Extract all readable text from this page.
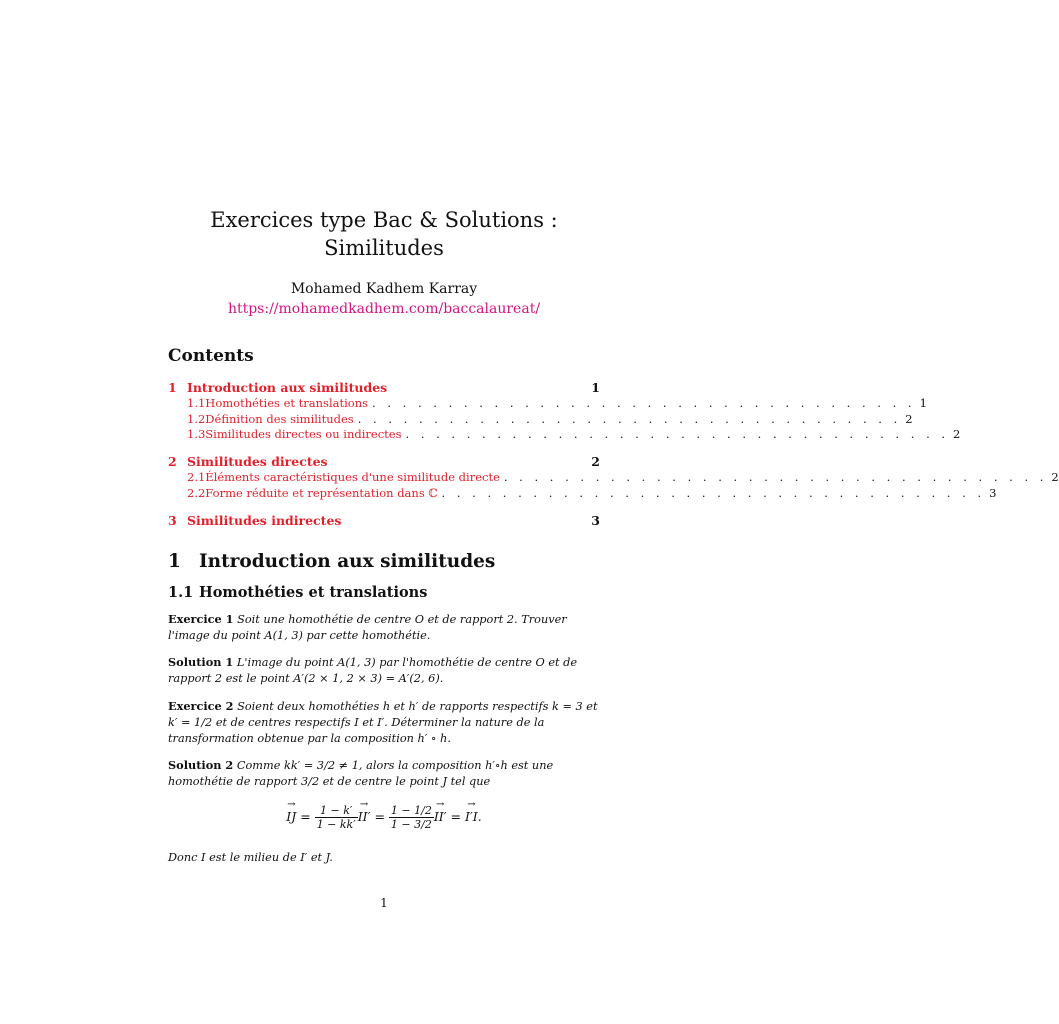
Exercices type Bac & Solutions :
Similitudes
Mohamed Kadhem Karray
https://mohamedkadhem.com/baccalaureat/
Contents
1 Introduction aux similitudes	1
1.1 Homothéties et translations . . . . . . . . . . . . . . . . . . . . . . . . . . . . . . . . . . . . 1
1.2 Définition des similitudes . . . . . . . . . . . . . . . . . . . . . . . . . . . . . . . . . . . . 2
1.3 Similitudes directes ou indirectes . . . . . . . . . . . . . . . . . . . . . . . . . . . . . . . . . . . . 2
2 Similitudes directes	2
2.1 Éléments caractéristiques d'une similitude directe . . . . . . . . . . . . . . . . . . . . . . . . . . . . . . . . . . . . 2
2.2 Forme réduite et représentation dans ℂ . . . . . . . . . . . . . . . . . . . . . . . . . . . . . . . . . . . . 3
3 Similitudes indirectes	3
1 Introduction aux similitudes
1.1 Homothéties et translations
Exercice 1 Soit une homothétie de centre O et de rapport 2. Trouver l'image du point A(1, 3) par cette homothétie.
Solution 1 L'image du point A(1, 3) par l'homothétie de centre O et de rapport 2 est le point A′(2 × 1, 2 × 3) = A′(2, 6).
Exercice 2 Soient deux homothéties h et h′ de rapports respectifs k = 3 et k′ = 1/2 et de centres respectifs I et I′. Déterminer la nature de la transformation obtenue par la composition h′ ∘ h.
Solution 2 Comme kk′ = 3/2 ≠ 1, alors la composition h′∘h est une homothétie de rapport 3/2 et de centre le point J tel que
→ IJ = $\frac{1 - k'}{1 - kk'} \to II' = \frac{1 - 1/2}{1 - 3/2} \to II'$ = → I′I.
Donc I est le milieu de I′ et J.
1
